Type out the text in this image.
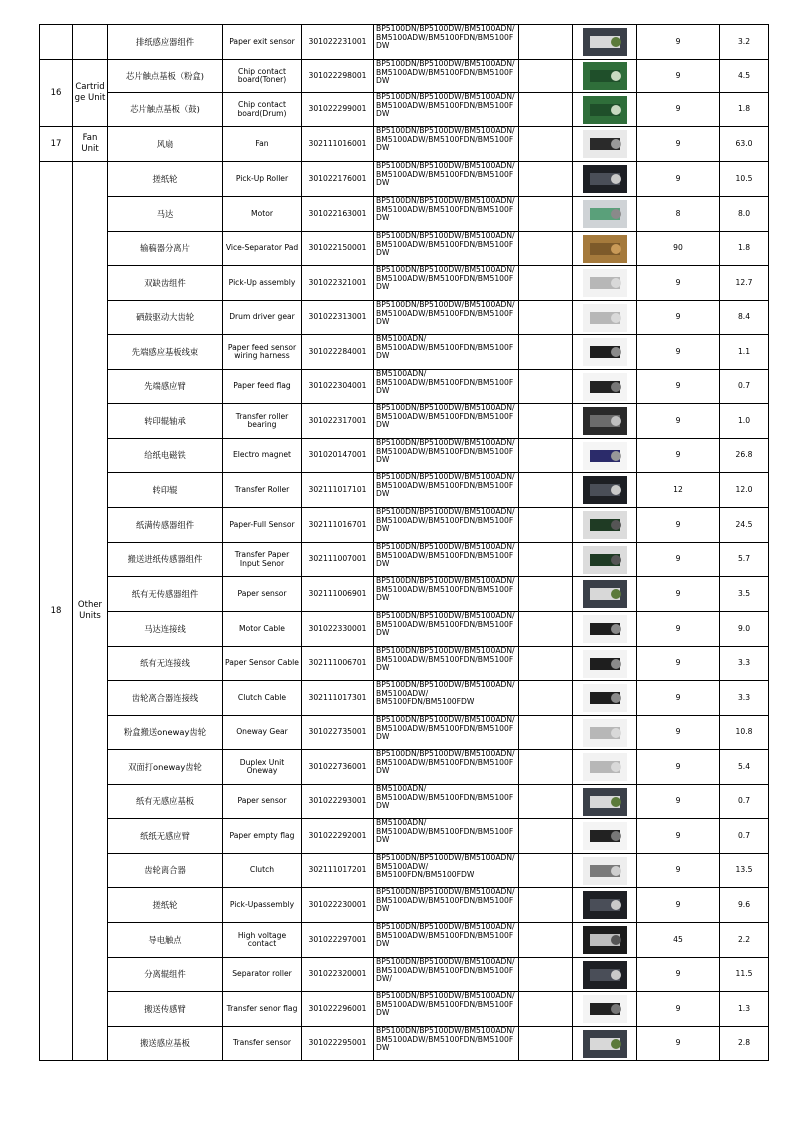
		排纸感应器组件	Paper exit sensor	301022231001	BP5100DN/BP5100DW/BM5100ADN/
BM5100ADW/BM5100FDN/BM5100F
DW			9	3.2
16	Cartrid
ge Unit	芯片触点基板（粉盒)	Chip contact
board(Toner)	301022298001	BP5100DN/BP5100DW/BM5100ADN/
BM5100ADW/BM5100FDN/BM5100F
DW			9	4.5
		芯片触点基板（鼓)	Chip contact
board(Drum)	301022299001	BP5100DN/BP5100DW/BM5100ADN/
BM5100ADW/BM5100FDN/BM5100F
DW			9	1.8
17	Fan
Unit	风扇	Fan	302111016001	BP5100DN/BP5100DW/BM5100ADN/
BM5100ADW/BM5100FDN/BM5100F
DW			9	63.0
18	Other
Units	搓纸轮	Pick-Up Roller	301022176001	BP5100DN/BP5100DW/BM5100ADN/
BM5100ADW/BM5100FDN/BM5100F
DW			9	10.5
		马达	Motor	301022163001	BP5100DN/BP5100DW/BM5100ADN/
BM5100ADW/BM5100FDN/BM5100F
DW			8	8.0
		输稿器分离片	Vice-Separator Pad	301022150001	BP5100DN/BP5100DW/BM5100ADN/
BM5100ADW/BM5100FDN/BM5100F
DW			90	1.8
		双缺齿组件	Pick-Up assembly	301022321001	BP5100DN/BP5100DW/BM5100ADN/
BM5100ADW/BM5100FDN/BM5100F
DW			9	12.7
		硒鼓驱动大齿轮	Drum driver gear	301022313001	BP5100DN/BP5100DW/BM5100ADN/
BM5100ADW/BM5100FDN/BM5100F
DW			9	8.4
		先端感应基板线束	Paper feed sensor
wiring harness	301022284001	BM5100ADN/
BM5100ADW/BM5100FDN/BM5100F
DW			9	1.1
		先端感应臂	Paper feed flag	301022304001	BM5100ADN/
BM5100ADW/BM5100FDN/BM5100F
DW			9	0.7
		转印辊轴承	Transfer roller
bearing	301022317001	BP5100DN/BP5100DW/BM5100ADN/
BM5100ADW/BM5100FDN/BM5100F
DW			9	1.0
		给纸电磁铁	Electro magnet	301020147001	BP5100DN/BP5100DW/BM5100ADN/
BM5100ADW/BM5100FDN/BM5100F
DW			9	26.8
		转印辊	Transfer Roller	302111017101	BP5100DN/BP5100DW/BM5100ADN/
BM5100ADW/BM5100FDN/BM5100F
DW			12	12.0
		纸满传感器组件	Paper-Full Sensor	302111016701	BP5100DN/BP5100DW/BM5100ADN/
BM5100ADW/BM5100FDN/BM5100F
DW			9	24.5
		搬送进纸传感器组件	Transfer Paper
Input Senor	302111007001	BP5100DN/BP5100DW/BM5100ADN/
BM5100ADW/BM5100FDN/BM5100F
DW			9	5.7
		纸有无传感器组件	Paper sensor	302111006901	BP5100DN/BP5100DW/BM5100ADN/
BM5100ADW/BM5100FDN/BM5100F
DW			9	3.5
		马达连接线	Motor Cable	301022330001	BP5100DN/BP5100DW/BM5100ADN/
BM5100ADW/BM5100FDN/BM5100F
DW			9	9.0
		纸有无连接线	Paper Sensor Cable	302111006701	BP5100DN/BP5100DW/BM5100ADN/
BM5100ADW/BM5100FDN/BM5100F
DW			9	3.3
		齿轮离合器连接线	Clutch Cable	302111017301	BP5100DN/BP5100DW/BM5100ADN/
BM5100ADW/
BM5100FDN/BM5100FDW			9	3.3
		粉盒搬送oneway齿轮	Oneway Gear	301022735001	BP5100DN/BP5100DW/BM5100ADN/
BM5100ADW/BM5100FDN/BM5100F
DW			9	10.8
		双面打oneway齿轮	Duplex Unit
Oneway	301022736001	BP5100DN/BP5100DW/BM5100ADN/
BM5100ADW/BM5100FDN/BM5100F
DW			9	5.4
		纸有无感应基板	Paper sensor	301022293001	BM5100ADN/
BM5100ADW/BM5100FDN/BM5100F
DW			9	0.7
		纸纸无感应臂	Paper empty flag	301022292001	BM5100ADN/
BM5100ADW/BM5100FDN/BM5100F
DW			9	0.7
		齿轮离合器	Clutch	302111017201	BP5100DN/BP5100DW/BM5100ADN/
BM5100ADW/
BM5100FDN/BM5100FDW			9	13.5
		搓纸轮	Pick-Upassembly	301022230001	BP5100DN/BP5100DW/BM5100ADN/
BM5100ADW/BM5100FDN/BM5100F
DW			9	9.6
		导电触点	High voltage
contact	301022297001	BP5100DN/BP5100DW/BM5100ADN/
BM5100ADW/BM5100FDN/BM5100F
DW			45	2.2
		分离辊组件	Separator roller	301022320001	BP5100DN/BP5100DW/BM5100ADN/
BM5100ADW/BM5100FDN/BM5100F
DW/			9	11.5
		搬送传感臂	Transfer senor flag	301022296001	BP5100DN/BP5100DW/BM5100ADN/
BM5100ADW/BM5100FDN/BM5100F
DW			9	1.3
		搬送感应基板	Transfer sensor	301022295001	BP5100DN/BP5100DW/BM5100ADN/
BM5100ADW/BM5100FDN/BM5100F
DW			9	2.8
